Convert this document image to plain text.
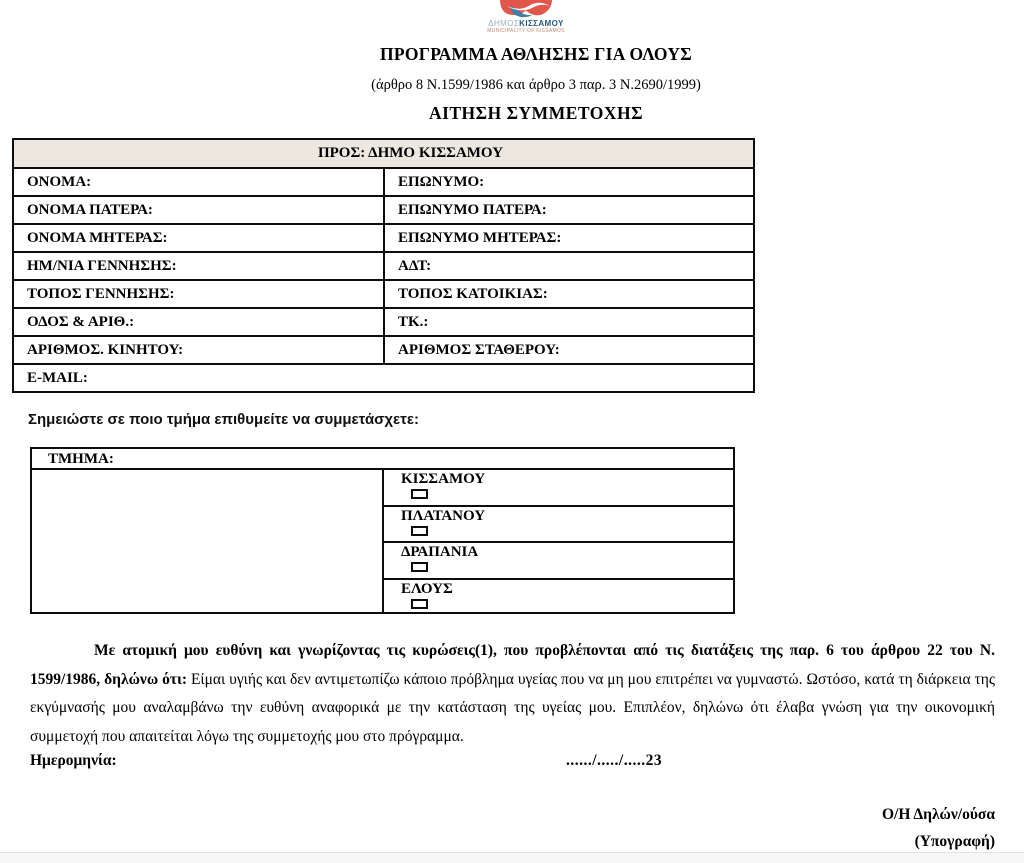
ΔΗΜΟΣΚΙΣΣΑΜΟΥ
MUNICIPALITY OF KISSAMOS
ΠΡΟΓΡΑΜΜΑ ΑΘΛΗΣΗΣ ΓΙΑ ΟΛΟΥΣ
(άρθρο 8 Ν.1599/1986 και άρθρο 3 παρ. 3 Ν.2690/1999)
ΑΙΤΗΣΗ ΣΥΜΜΕΤΟΧΗΣ
ΠΡΟΣ: ΔΗΜΟ ΚΙΣΣΑΜΟΥ	
ΟΝΟΜΑ:	ΕΠΩΝΥΜΟ:
ΟΝΟΜΑ ΠΑΤΕΡΑ:	ΕΠΩΝΥΜΟ ΠΑΤΕΡΑ:
ΟΝΟΜΑ ΜΗΤΕΡΑΣ:	ΕΠΩΝΥΜΟ ΜΗΤΕΡΑΣ:
ΗΜ/ΝΙΑ ΓΕΝΝΗΣΗΣ:	ΑΔΤ:
ΤΟΠΟΣ ΓΕΝΝΗΣΗΣ:	ΤΟΠΟΣ ΚΑΤΟΙΚΙΑΣ:
ΟΔΟΣ & ΑΡΙΘ.:	ΤΚ.:
ΑΡΙΘΜΟΣ. ΚΙΝΗΤΟΥ:	ΑΡΙΘΜΟΣ ΣΤΑΘΕΡΟΥ:
E-MAIL:	
Σημειώστε σε ποιο τμήμα επιθυμείτε να συμμετάσχετε:
ΤΜΗΜΑ:
ΚΙΣΣΑΜΟΥ
ΠΛΑΤΑΝΟΥ
ΔΡΑΠΑΝΙΑ
ΕΛΟΥΣ
Με ατομική μου ευθύνη και γνωρίζοντας τις κυρώσεις(1), που προβλέπονται από τις διατάξεις της παρ. 6 του άρθρου 22 του Ν. 1599/1986, δηλώνω ότι: Είμαι υγιής και δεν αντιμετωπίζω κάποιο πρόβλημα υγείας που να μη μου επιτρέπει να γυμναστώ. Ωστόσο, κατά τη διάρκεια της εκγύμνασής μου αναλαμβάνω την ευθύνη αναφορικά με την κατάσταση της υγείας μου. Επιπλέον, δηλώνω ότι έλαβα γνώση για την οικονομική συμμετοχή που απαιτείται λόγω της συμμετοχής μου στο πρόγραμμα.
Ημερομηνία:	....../...../.....23
Ο/Η Δηλών/ούσα
(Υπογραφή)
